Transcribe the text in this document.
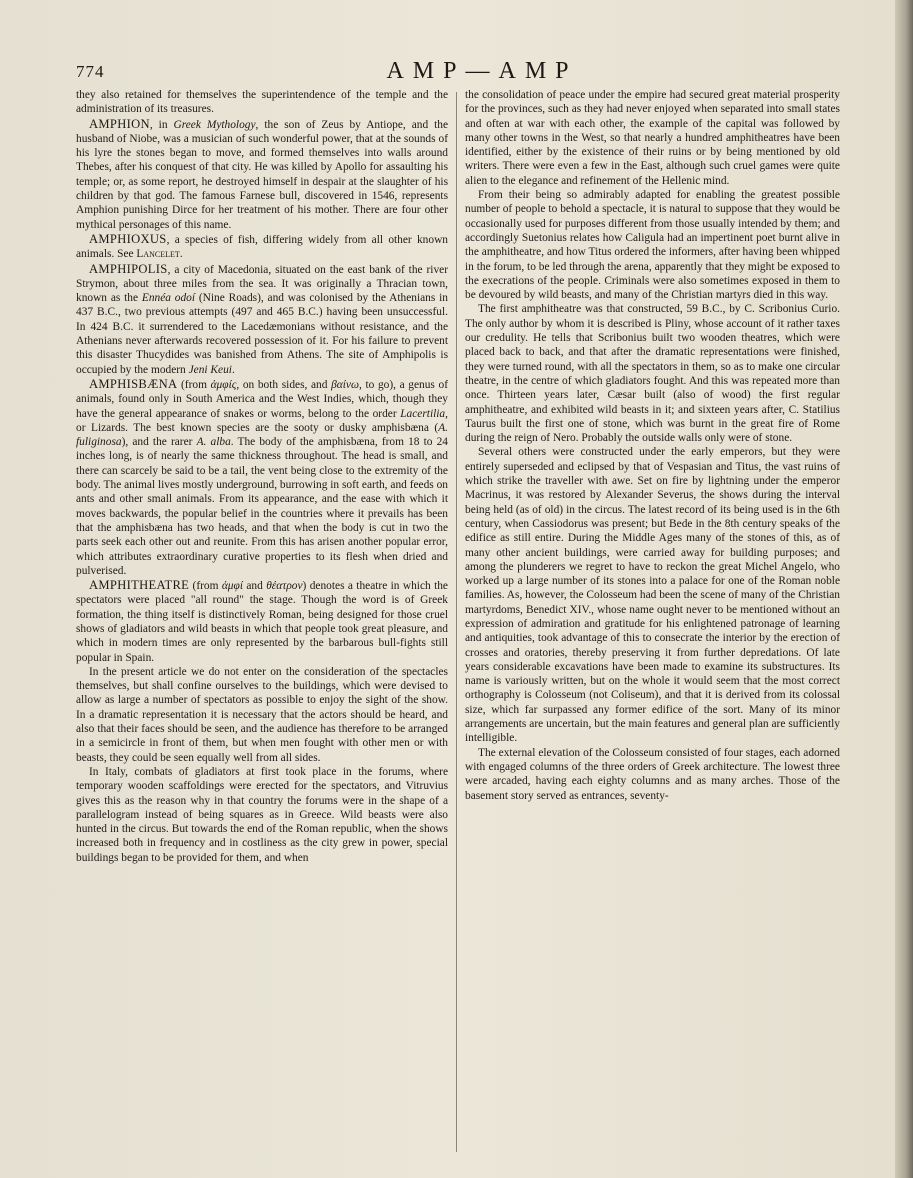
774	AMP—AMP

they also retained for themselves the superintendence of the temple and the administration of its treasures.

AMPHION, in Greek Mythology, the son of Zeus by Antiope, and the husband of Niobe, was a musician of such wonderful power, that at the sounds of his lyre the stones began to move, and formed themselves into walls around Thebes, after his conquest of that city. He was killed by Apollo for assaulting his temple; or, as some report, he destroyed himself in despair at the slaughter of his children by that god. The famous Farnese bull, discovered in 1546, represents Amphion punishing Dirce for her treatment of his mother. There are four other mythical personages of this name.

AMPHIOXUS, a species of fish, differing widely from all other known animals. See Lancelet.

AMPHIPOLIS, a city of Macedonia, situated on the east bank of the river Strymon, about three miles from the sea. It was originally a Thracian town, known as the Ennéa odoí (Nine Roads), and was colonised by the Athenians in 437 B.C., two previous attempts (497 and 465 B.C.) having been unsuccessful. In 424 B.C. it surrendered to the Lacedæmonians without resistance, and the Athenians never afterwards recovered possession of it. For his failure to prevent this disaster Thucydides was banished from Athens. The site of Amphipolis is occupied by the modern Jeni Keui.

AMPHISBÆNA (from ἀμφίς, on both sides, and βαίνω, to go), a genus of animals, found only in South America and the West Indies, which, though they have the general appearance of snakes or worms, belong to the order Lacertilia, or Lizards. The best known species are the sooty or dusky amphisbæna (A. fuliginosa), and the rarer A. alba. The body of the amphisbæna, from 18 to 24 inches long, is of nearly the same thickness throughout. The head is small, and there can scarcely be said to be a tail, the vent being close to the extremity of the body. The animal lives mostly underground, burrowing in soft earth, and feeds on ants and other small animals. From its appearance, and the ease with which it moves backwards, the popular belief in the countries where it prevails has been that the amphisbæna has two heads, and that when the body is cut in two the parts seek each other out and reunite. From this has arisen another popular error, which attributes extraordinary curative properties to its flesh when dried and pulverised.

AMPHITHEATRE (from ἀμφί and θέατρον) denotes a theatre in which the spectators were placed "all round" the stage. Though the word is of Greek formation, the thing itself is distinctively Roman, being designed for those cruel shows of gladiators and wild beasts in which that people took great pleasure, and which in modern times are only represented by the barbarous bull-fights still popular in Spain.

In the present article we do not enter on the consideration of the spectacles themselves, but shall confine ourselves to the buildings, which were devised to allow as large a number of spectators as possible to enjoy the sight of the show. In a dramatic representation it is necessary that the actors should be heard, and also that their faces should be seen, and the audience has therefore to be arranged in a semicircle in front of them, but when men fought with other men or with beasts, they could be seen equally well from all sides.

In Italy, combats of gladiators at first took place in the forums, where temporary wooden scaffoldings were erected for the spectators, and Vitruvius gives this as the reason why in that country the forums were in the shape of a parallelogram instead of being squares as in Greece. Wild beasts were also hunted in the circus. But towards the end of the Roman republic, when the shows increased both in frequency and in costliness as the city grew in power, special buildings began to be provided for them, and when

the consolidation of peace under the empire had secured great material prosperity for the provinces, such as they had never enjoyed when separated into small states and often at war with each other, the example of the capital was followed by many other towns in the West, so that nearly a hundred amphitheatres have been identified, either by the existence of their ruins or by being mentioned by old writers. There were even a few in the East, although such cruel games were quite alien to the elegance and refinement of the Hellenic mind.

From their being so admirably adapted for enabling the greatest possible number of people to behold a spectacle, it is natural to suppose that they would be occasionally used for purposes different from those usually intended by them; and accordingly Suetonius relates how Caligula had an impertinent poet burnt alive in the amphitheatre, and how Titus ordered the informers, after having been whipped in the forum, to be led through the arena, apparently that they might be exposed to the execrations of the people. Criminals were also sometimes exposed in them to be devoured by wild beasts, and many of the Christian martyrs died in this way.

The first amphitheatre was that constructed, 59 B.C., by C. Scribonius Curio. The only author by whom it is described is Pliny, whose account of it rather taxes our credulity. He tells that Scribonius built two wooden theatres, which were placed back to back, and that after the dramatic representations were finished, they were turned round, with all the spectators in them, so as to make one circular theatre, in the centre of which gladiators fought. And this was repeated more than once. Thirteen years later, Cæsar built (also of wood) the first regular amphitheatre, and exhibited wild beasts in it; and sixteen years after, C. Statilius Taurus built the first one of stone, which was burnt in the great fire of Rome during the reign of Nero. Probably the outside walls only were of stone.

Several others were constructed under the early emperors, but they were entirely superseded and eclipsed by that of Vespasian and Titus, the vast ruins of which strike the traveller with awe. Set on fire by lightning under the emperor Macrinus, it was restored by Alexander Severus, the shows during the interval being held (as of old) in the circus. The latest record of its being used is in the 6th century, when Cassiodorus was present; but Bede in the 8th century speaks of the edifice as still entire. During the Middle Ages many of the stones of this, as of many other ancient buildings, were carried away for building purposes; and among the plunderers we regret to have to reckon the great Michel Angelo, who worked up a large number of its stones into a palace for one of the Roman noble families. As, however, the Colosseum had been the scene of many of the Christian martyrdoms, Benedict XIV., whose name ought never to be mentioned without an expression of admiration and gratitude for his enlightened patronage of learning and antiquities, took advantage of this to consecrate the interior by the erection of crosses and oratories, thereby preserving it from further depredations. Of late years considerable excavations have been made to examine its substructures. Its name is variously written, but on the whole it would seem that the most correct orthography is Colosseum (not Coliseum), and that it is derived from its colossal size, which far surpassed any former edifice of the sort. Many of its minor arrangements are uncertain, but the main features and general plan are sufficiently intelligible.

The external elevation of the Colosseum consisted of four stages, each adorned with engaged columns of the three orders of Greek architecture. The lowest three were arcaded, having each eighty columns and as many arches. Those of the basement story served as entrances, seventy-
